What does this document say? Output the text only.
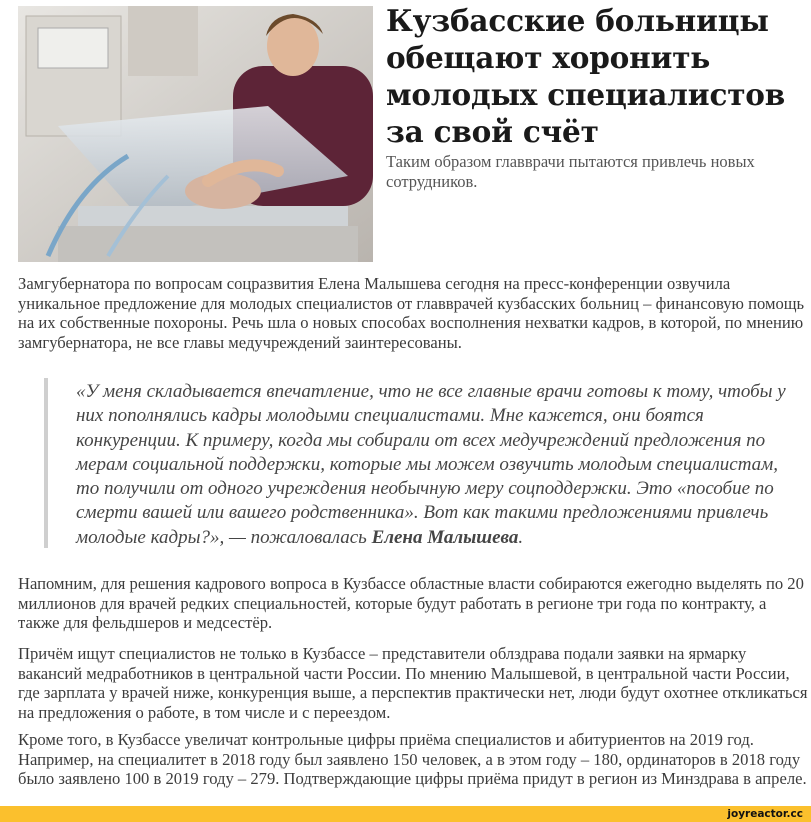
Кузбасские больницы обещают хоронить молодых специалистов за свой счёт

Таким образом главврачи пытаются привлечь новых сотрудников.

Замгубернатора по вопросам соцразвития Елена Малышева сегодня на пресс-конференции озвучила уникальное предложение для молодых специалистов от главврачей кузбасских больниц – финансовую помощь на их собственные похороны. Речь шла о новых способах восполнения нехватки кадров, в которой, по мнению замгубернатора, не все главы медучреждений заинтересованы.

«У меня складывается впечатление, что не все главные врачи готовы к тому, чтобы у них пополнялись кадры молодыми специалистами. Мне кажется, они боятся конкуренции. К примеру, когда мы собирали от всех медучреждений предложения по мерам социальной поддержки, которые мы можем озвучить молодым специалистам, то получили от одного учреждения необычную меру соцподдержки. Это «пособие по смерти вашей или вашего родственника». Вот как такими предложениями привлечь молодые кадры?», — пожаловалась Елена Малышева.

Напомним, для решения кадрового вопроса в Кузбассе областные власти собираются ежегодно выделять по 20 миллионов для врачей редких специальностей, которые будут работать в регионе три года по контракту, а также для фельдшеров и медсестёр.

Причём ищут специалистов не только в Кузбассе – представители облздрава подали заявки на ярмарку вакансий медработников в центральной части России. По мнению Малышевой, в центральной части России, где зарплата у врачей ниже, конкуренция выше, а перспектив практически нет, люди будут охотнее откликаться на предложения о работе, в том числе и с переездом.

Кроме того, в Кузбассе увеличат контрольные цифры приёма специалистов и абитуриентов на 2019 год. Например, на специалитет в 2018 году был заявлено 150 человек, а в этом году – 180, ординаторов в 2018 году было заявлено 100 в 2019 году – 279. Подтверждающие цифры приёма придут в регион из Минздрава в апреле.

joyreactor.cc
